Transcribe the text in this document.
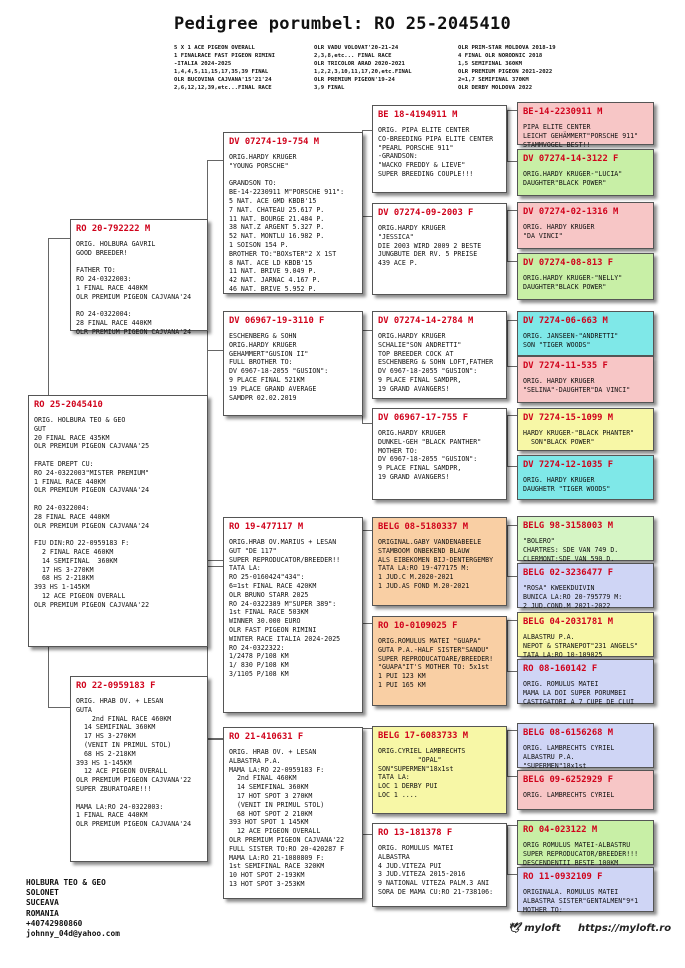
Pedigree porumbel: RO 25-2045410
5 X 1 ACE PIGEON OVERALL
1 FINALRACE FAST PIGEON RIMINI
-ITALIA 2024-2025
1,4,4,5,11,15,17,35,39 FINAL
OLR BUCOVINA CAJVANA'15'21'24
2,6,12,12,39,etc...FINAL RACE
OLR VADU VOLOVAT'20-21-24
2,3,8,etc... FINAL RACE
OLR TRICOLOR ARAD 2020-2021
1,2,2,3,10,11,17,20,etc.FINAL
OLR PREMIUM PIGEON'19-24
3,9 FINAL
OLR PRIM-STAR MOLDOVA 2018-19
4 FINAL OLR NORODNIC 2018
1,5 SEMIFINAL 360KM
OLR PREMIUM PIGEON 2021-2022
2=1,7 SEMIFINAL 370KM
OLR DERBY MOLDOVA 2022
RO 25-2045410
ORIG. HOLBURA TEO & GEO
GUT
20 FINAL RACE 435KM
OLR PREMIUM PIGEON CAJVANA'25

FRATE DREPT CU:
RO 24-0322003"MISTER PREMIUM"
1 FINAL RACE 440KM
OLR PREMIUM PIGEON CAJVANA'24

RO 24-0322004:
28 FINAL RACE 440KM
OLR PREMIUM PIGEON CAJVANA'24

FIU DIN:RO 22-0959183 F:
2 FINAL RACE 460KM
14 SEMIFINAL  360KM
17 HS 3-270KM
68 HS 2-218KM
393 HS 1-145KM
12 ACE PIGEON OVERALL
OLR PREMIUM PIGEON CAJVANA'22
RO 20-792222 M
ORIG. HOLBURA GAVRIL
GOOD BREEDER!

FATHER TO:
RO 24-0322003:
1 FINAL RACE 440KM
OLR PREMIUM PIGEON CAJVANA'24

RO 24-0322004:
28 FINAL RACE 440KM
OLR PREMIUM PIGEON CAJVANA'24
RO 22-0959183 F
ORIG. HRAB OV. + LESAN
GUTA
2nd FINAL RACE 460KM
14 SEMIFINAL 360KM
17 HS 3-270KM
(VENIT IN PRIMUL STOL)
68 HS 2-218KM
393 HS 1-145KM
12 ACE PIGEON OVERALL
OLR PREMIUM PIGEON CAJVANA'22
SUPER ZBURATOARE!!!

MAMA LA:RO 24-0322003:
1 FINAL RACE 440KM
OLR PREMIUM PIGEON CAJVANA'24
DV 07274-19-754 M
ORIG.HARDY KRUGER
"YOUNG PORSCHE"

GRANDSON TO:
BE-14-2230911 M"PORSCHE 911":
5 NAT. ACE GMD KBDB'15
7 NAT. CHATEAU 25.617 P.
11 NAT. BOURGE 21.484 P.
38 NAT.Z ARGENT 5.327 P.
52 NAT. MONTLU 16.982 P.
1 SOISON 154 P.
BROTHER TO:"BOXsTER"2 X 1ST
8 NAT. ACE LD KBDB'15
11 NAT. BRIVE 9.049 P.
42 NAT. JARNAC 4.167 P.
46 NAT. BRIVE 5.952 P.
DV 06967-19-3110 F
ESCHENBERG & SOHN
ORIG.HARDY KRUGER
GEHAMMERT"GUSION II"
FULL BROTHER TO:
DV 6967-18-2055 "GUSION":
9 PLACE FINAL 521KM
19 PLACE GRAND AVERAGE
SAMDPR 02.02.2019
RO 19-477117 M
ORIG.HRAB OV.MARIUS + LESAN
GUT "DE 117"
SUPER REPRODUCATOR/BREEDER!!
TATA LA:
RO 25-0160424"434":
6=1st FINAL RACE 420KM
OLR BRUNO STARR 2025
RO 24-0322389 M"SUPER 389":
1st FINAL RACE 503KM
WINNER 30.000 EURO
OLR FAST PIGEON RIMINI
WINTER RACE ITALIA 2024-2025
RO 24-0322322:
1/2478 P/108 KM
1/ 830 P/108 KM
3/1105 P/108 KM
RO 21-410631 F
ORIG. HRAB OV. + LESAN
ALBASTRA P.A.
MAMA LA:RO 22-0959183 F:
2nd FINAL 460KM
14 SEMIFINAL 360KM
17 HOT SPOT 3 270KM
(VENIT IN PRIMUL STOL)
68 HOT SPOT 2 210KM
393 HOT SPOT 1 145KM
12 ACE PIGEON OVERALL
OLR PREMIUM PIGEON CAJVANA'22
FULL SISTER TO:RO 20-420287 F
MAMA LA:RO 21-1080809 F:
1st SEMIFINAL RACE 320KM
10 HOT SPOT 2-193KM
13 HOT SPOT 3-253KM
BE 18-4194911 M
ORIG. PIPA ELITE CENTER
CO-BREEDING PIPA ELITE CENTER
"PEARL PORSCHE 911"
-GRANDSON:
"WACKO FREDDY & LIEVE"
SUPER BREEDING COUPLE!!!
DV 07274-09-2003 F
ORIG.HARDY KRUGER
"JESSICA"
DIE 2003 WIRD 2009 2 BESTE
JUNGBUTE DER RV. 5 PREISE
439 ACE P.
DV 07274-14-2784 M
ORIG.HARDY KRUGER
SCHALIE"SON ANDRETTI"
TOP BREEDER COCK AT
ESCHENBERG & SOHN LOFT,FATHER
DV 6967-18-2055 "GUSION":
9 PLACE FINAL SAMDPR,
19 GRAND AVANGERS!
DV 06967-17-755 F
ORIG.HARDY KRUGER
DUNKEL-GEH "BLACK PANTHER"
MOTHER TO:
DV 6967-18-2055 "GUSION":
9 PLACE FINAL SAMDPR,
19 GRAND AVANGERS!
BELG 08-5180337 M
ORIGINAL.GABY VANDENABEELE
STAMBOOM ONBEKEND BLAUW
ALS EIBEKOMEN BIJ-DENTERGEMBY
TATA LA:RO 19-477175 M:
1 JUD.C M.2020-2021
1 JUD.AS FOND M.20-2021
RO 10-0109025 F
ORIG.ROMULUS MATEI "GUAPA"
GUTA P.A.-HALF SISTER"SANDU"
SUPER REPRODUCATOARE/BREEDER!
"GUAPA"IT'S MOTHER TO: 5x1st
1 PUI 123 KM
1 PUI 165 KM
BELG 17-6083733 M
ORIG.CYRIEL LAMBRECHTS
"OPAL"
SON"SUPERMEN"18x1st
TATA LA:
LOC 1 DERBY PUI
LOC 1 ....
RO 13-181378 F
ORIG. ROMULUS MATEI
ALBASTRA
4 JUD.VITEZA PUI
3 JUD.VITEZA 2015-2016
9 NATIONAL VITEZA PALM.3 ANI
SORA DE MAMA CU:RO 21-738106:
BE-14-2230911 M
PIPA ELITE CENTER
LEICHT GEHÄMMERT"PORSCHE 911"
STAMMVOGEL BEST!!
DV 07274-14-3122 F
ORIG.HARDY KRUGER-"LUCIA"
DAUGHTER"BLACK POWER"
DV 07274-02-1316 M
ORIG. HARDY KRUGER
"DA VINCI"
DV 07274-08-813 F
ORIG.HARDY KRUGER-"NELLY"
DAUGHTER"BLACK POWER"
DV 7274-06-663 M
ORIG. JANSEEN-"ANDRETTI"
SON "TIGER WOODS"
DV 7274-11-535 F
ORIG. HARDY KRUGER
"SELINA"-DAUGHTER"DA VINCI"
DV 7274-15-1099 M
HARDY KRUGER-"BLACK PHANTER"
SON"BLACK POWER"
DV 7274-12-1035 F
ORIG. HARDY KRUGER
DAUGHETR "TIGER WOODS"
BELG 98-3158003 M
"BOLERO"
CHARTRES: SDE VAN 749 D.
CLERMONT:SDE VAN 590 D.
BELG 02-3236477 F
"ROSA" KWEEKDUIVIN
BUNICA LA:RO 20-795779 M:
2 JUD.COND.M 2021-2022
BELG 04-2031781 M
ALBASTRU P.A.
NEPOT & STRANEPOT"231 ANGELS"
TATA LA:RO 10-109025
RO 08-160142 F
ORIG. ROMULUS MATEI
MAMA LA DOI SUPER PORUMBEI
CASTIGATORI A 7 CUPE DE CLUI
BELG 08-6156268 M
ORIG. LAMBRECHTS CYRIEL
ALBASTRU P.A.
"SUPERMEN"18x1st
BELG 09-6252929 F
ORIG. LAMBRECHTS CYRIEL
RO 04-023122 M
ORIG ROMULUS MATEI-ALBASTRU
SUPER REPRODUCATOR/BREEDER!!!
DESCENDENTII BESTE 100KM
RO 11-0932109 F
ORIGINALA. ROMULUS MATEI
ALBASTRA SISTER"GENTALMEN"9*1
MOTHER TO:
HOLBURA TEO & GEO
SOLONET
SUCEAVA
ROMANIA
+40742980860
johnny_04d@yahoo.com	🕊 myloft https://myloft.ro
